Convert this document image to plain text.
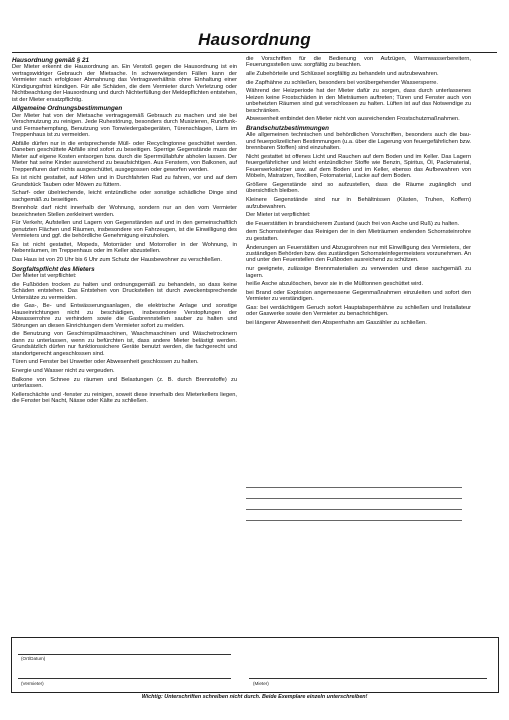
Hausordnung
Hausordnung gemäß § 21
Der Mieter erkennt die Hausordnung an. Ein Verstoß gegen die Hausordnung ist ein vertragswidriger Gebrauch der Mietsache. In schwerwiegenden Fällen kann der Vermieter nach erfolgloser Abmahnung das Vertragsverhältnis ohne Einhaltung einer Kündigungsfrist kündigen. Für alle Schäden, die dem Vermieter durch Verletzung oder Nichtbeachtung der Hausordnung und durch Nichterfüllung der Meldepflichten entstehen, ist der Mieter ersatzpflichtig.
Allgemeine Ordnungsbestimmungen
Der Mieter hat von der Mietsache vertragsgemäß Gebrauch zu machen und sie bei Verschmutzung zu reinigen. Jede Ruhestörung, besonders durch Musizieren, Rundfunk- und Fernsehempfang, Benutzung von Tonwiedergabegeräten, Türenschlagen, Lärm im Treppenhaus ist zu vermeiden.
Abfälle dürfen nur in die entsprechende Müll- oder Recyclingtonne geschüttet werden. Daneben geschüttete Abfälle sind sofort zu beseitigen. Sperrige Gegenstände muss der Mieter auf eigene Kosten entsorgen bzw. durch die Sperrmüllabfuhr abholen lassen. Der Mieter hat seine Kinder ausreichend zu beaufsichtigen. Aus Fenstern, von Balkonen, auf Treppenfluren darf nichts ausgeschüttet, ausgegossen oder geworfen werden.
Es ist nicht gestattet, auf Höfen und in Durchfahrten Rad zu fahren, vor und auf dem Grundstück Tauben oder Möwen zu füttern.
Scharf- oder übelriechende, leicht entzündliche oder sonstige schädliche Dinge sind sachgemäß zu beseitigen.
Brennholz darf nicht innerhalb der Wohnung, sondern nur an den vom Vermieter bezeichneten Stellen zerkleinert werden.
Für Verkehr, Aufstellen und Lagern von Gegenständen auf und in den gemeinschaftlich genutzten Flächen und Räumen, insbesondere von Fahrzeugen, ist die Einwilligung des Vermieters und ggf. die behördliche Genehmigung einzuholen.
Es ist nicht gestattet, Mopeds, Motorräder und Motorroller in der Wohnung, in Nebenräumen, im Treppenhaus oder im Keller abzustellen.
Das Haus ist von 20 Uhr bis 6 Uhr zum Schutz der Hausbewohner zu verschließen.
Sorgfaltspflicht des Mieters
Der Mieter ist verpflichtet:
die Fußböden trocken zu halten und ordnungsgemäß zu behandeln, so dass keine Schäden entstehen. Das Entstehen von Druckstellen ist durch zweckentsprechende Untersätze zu vermeiden.
die Gas-, Be- und Entwässerungsanlagen, die elektrische Anlage und sonstige Hauseinrichtungen nicht zu beschädigen, insbesondere Verstopfungen der Abwasserrohre zu verhindern sowie die Gasbrennstellen sauber zu halten und Störungen an diesen Einrichtungen dem Vermieter sofort zu melden.
die Benutzung von Geschirrspülmaschinen, Waschmaschinen und Wäschetrocknern dann zu unterlassen, wenn zu befürchten ist, dass andere Mieter belästigt werden. Grundsätzlich dürfen nur funktionssichere Geräte benutzt werden, die fachgerecht und standortgerecht angeschlossen sind.
Türen und Fenster bei Unwetter oder Abwesenheit geschlossen zu halten.
Energie und Wasser nicht zu vergeuden.
Balkone von Schnee zu räumen und Belastungen (z. B. durch Brennstoffe) zu unterlassen.
Kellerschächte und -fenster zu reinigen, soweit diese innerhalb des Mieterkellers liegen, die Fenster bei Nacht, Nässe oder Kälte zu schließen.
die Vorschriften für die Bedienung von Aufzügen, Warmwasserbereitern, Feuerungsstellen usw. sorgfältig zu beachten.
alle Zubehörteile und Schlüssel sorgfältig zu behandeln und aufzubewahren.
die Zapfhähne zu schließen, besonders bei vorübergehender Wassersperre.
Während der Heizperiode hat der Mieter dafür zu sorgen, dass durch unterlassenes Heizen keine Frostschäden in den Mieträumen auftreten; Türen und Fenster auch von unbeheizten Räumen sind gut verschlossen zu halten. Lüften ist auf das Notwendige zu beschränken.
Abwesenheit entbindet den Mieter nicht von ausreichenden Frostschutzmaßnahmen.
Brandschutzbestimmungen
Alle allgemeinen technischen und behördlichen Vorschriften, besonders auch die bau- und feuerpolizeilichen Bestimmungen (u.a. über die Lagerung von feuergefährlichen bzw. brennbaren Stoffen) sind einzuhalten.
Nicht gestattet ist offenes Licht und Rauchen auf dem Boden und im Keller. Das Lagern feuergefährlicher und leicht entzündlicher Stoffe wie Benzin, Spiritus, Öl, Packmaterial, Feuerwerkskörper usw. auf dem Boden und im Keller, ebenso das Aufbewahren von Möbeln, Matratzen, Textilien, Fotomaterial, Lacke auf dem Boden.
Größere Gegenstände sind so aufzustellen, dass die Räume zugänglich und übersichtlich bleiben.
Kleinere Gegenstände sind nur in Behältnissen (Kästen, Truhen, Koffern) aufzubewahren.
Der Mieter ist verpflichtet:
die Feuerstätten in brandsicherem Zustand (auch frei von Asche und Ruß) zu halten.
dem Schornsteinfeger das Reinigen der in den Mieträumen endenden Schornsteinrohre zu gestatten.
Änderungen an Feuerstätten und Abzugsrohren nur mit Einwilligung des Vermieters, der zuständigen Behörden bzw. des zuständigen Schornsteinfegermeisters vorzunehmen. An und unter den Feuerstellen den Fußboden ausreichend zu schützen.
nur geeignete, zulässige Brennmaterialien zu verwenden und diese sachgemäß zu lagern.
heiße Asche abzulöschen, bevor sie in die Mülltonnen geschüttet wird.
bei Brand oder Explosion angemessene Gegenmaßnahmen einzuleiten und sofort den Vermieter zu verständigen.
Gas: bei verdächtigem Geruch sofort Hauptabsperrhähne zu schließen und Installateur oder Gaswerke sowie den Vermieter zu benachrichtigen.
bei längerer Abwesenheit den Absperrhahn am Gaszähler zu schließen.
(Ort/Datum)
(Vermieter)	(Mieter)
Wichtig: Unterschriften schreiben nicht durch. Beide Exemplare einzeln unterschreiben!
